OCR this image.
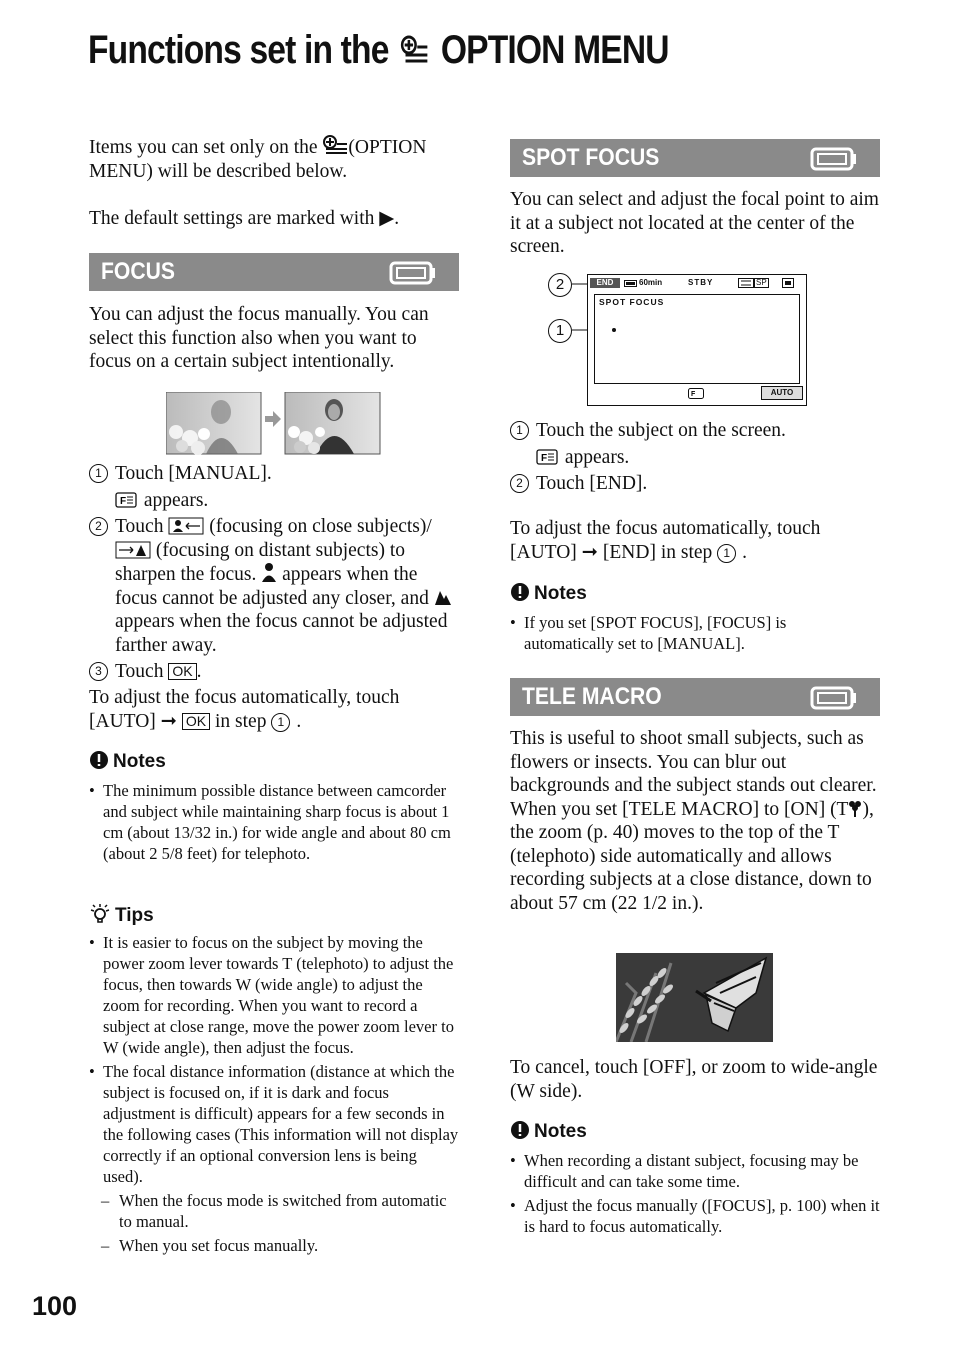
Functions set in the OPTION MENU
Items you can set only on the (OPTION
MENU) will be described below.
The default settings are marked with ▶.
FOCUS
You can adjust the focus manually. You can select this function also when you want to focus on a certain subject intentionally.
1 Touch [MANUAL].
F appears.
2 Touch (focusing on close subjects)/
(focusing on distant subjects) to sharpen the focus. appears when the focus cannot be adjusted any closer, and  appears when the focus cannot be adjusted farther away.
3 Touch OK .
To adjust the focus automatically, touch [AUTO] ➞ OK in step 1 .
Notes
• The minimum possible distance between camcorder and subject while maintaining sharp focus is about 1 cm (about 13/32 in.) for wide angle and about 80 cm (about 2 5/8 feet) for telephoto.
Tips
• It is easier to focus on the subject by moving the power zoom lever towards T (telephoto) to adjust the focus, then towards W (wide angle) to adjust the zoom for recording. When you want to record a subject at close range, move the power zoom lever to W (wide angle), then adjust the focus.
• The focal distance information (distance at which the subject is focused on, if it is dark and focus adjustment is difficult) appears for a few seconds in the following cases (This information will not display correctly if an optional conversion lens is being used).
– When the focus mode is switched from automatic to manual.
– When you set focus manually.
100
SPOT FOCUS
You can select and adjust the focal point to aim it at a subject not located at the center of the screen.
2
1
END	60min	STBY	SP
SPOT FOCUS
F	AUTO
1 Touch the subject on the screen.
F appears.
2 Touch [END].
To adjust the focus automatically, touch [AUTO] ➞ [END] in step 1 .
Notes
• If you set [SPOT FOCUS], [FOCUS] is automatically set to [MANUAL].
TELE MACRO
This is useful to shoot small subjects, such as flowers or insects. You can blur out backgrounds and the subject stands out clearer.
When you set [TELE MACRO] to [ON] (T ), the zoom (p. 40) moves to the top of the T (telephoto) side automatically and allows recording subjects at a close distance, down to about 57 cm (22 1/2 in.).
To cancel, touch [OFF], or zoom to wide-angle (W side).
Notes
• When recording a distant subject, focusing may be difficult and can take some time.
• Adjust the focus manually ([FOCUS], p. 100) when it is hard to focus automatically.
